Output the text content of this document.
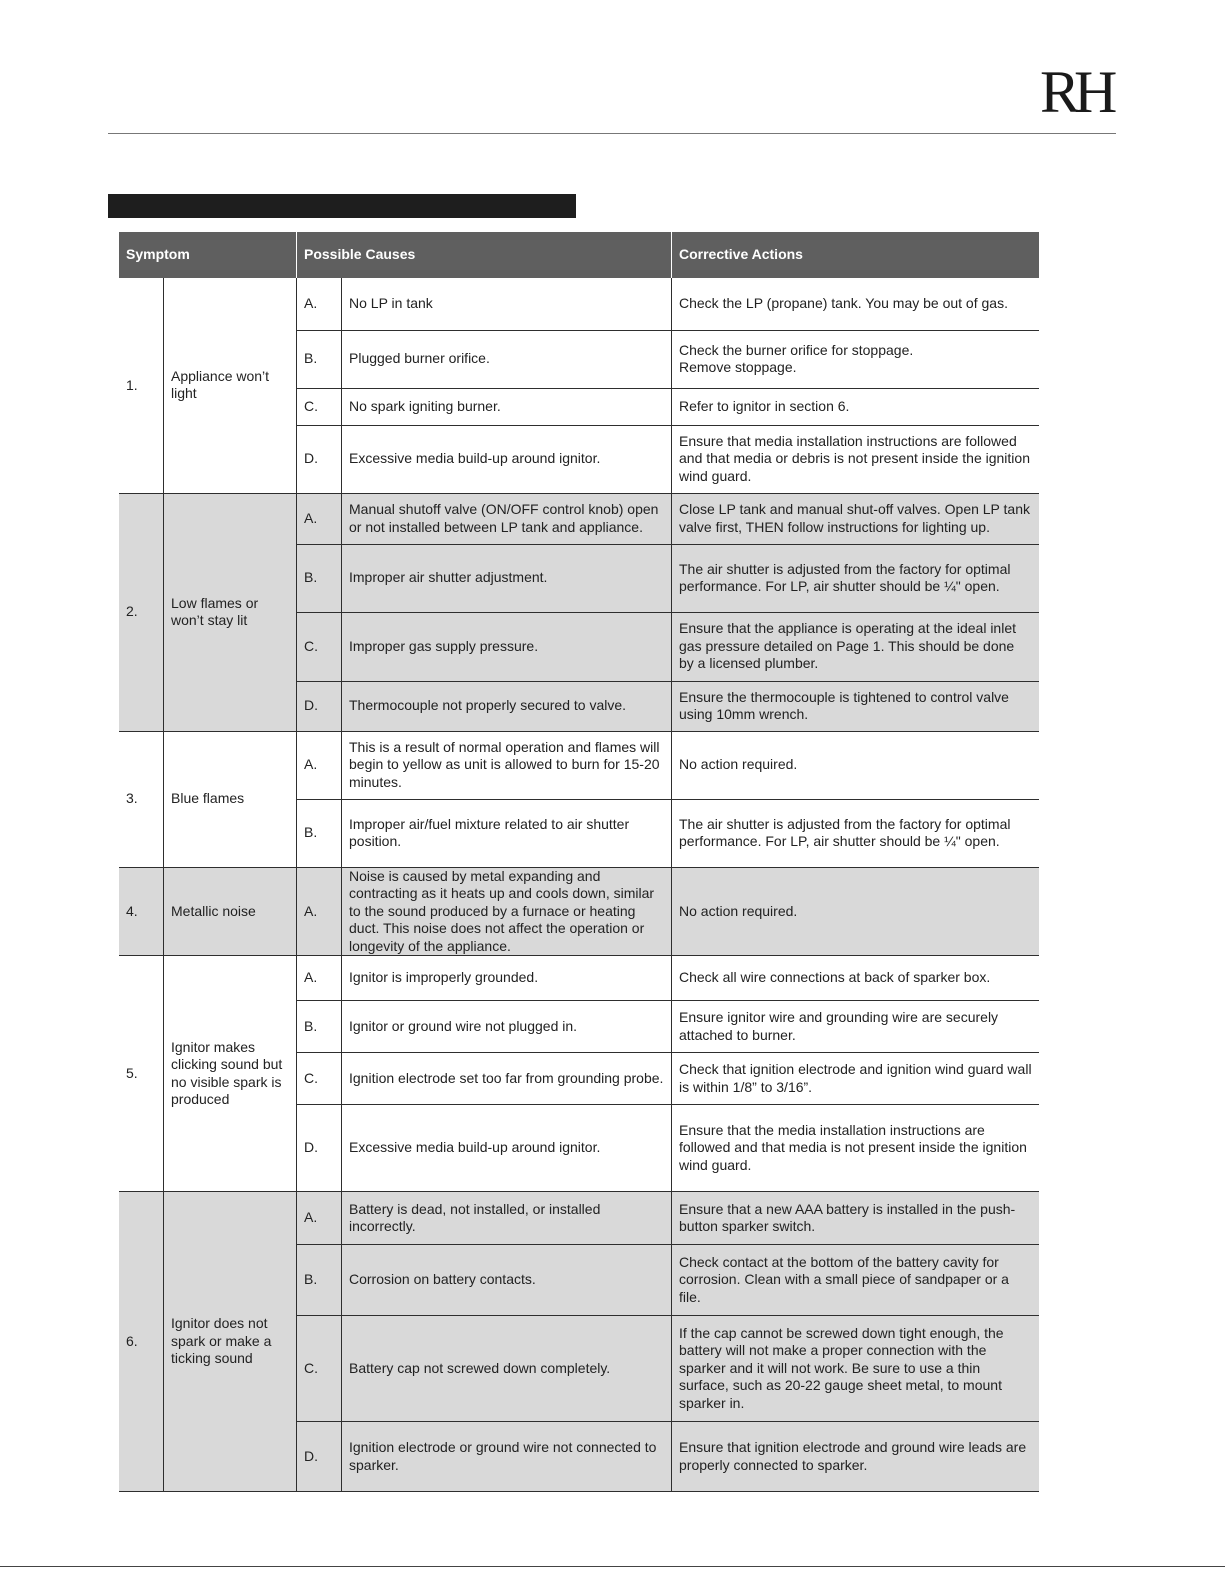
RH
Symptom		Possible Causes		Corrective Actions
1.	Appliance won’t light	A.	No LP in tank	Check the LP (propane) tank. You may be out of gas.
		B.	Plugged burner orifice.	Check the burner orifice for stoppage.
Remove stoppage.

		C.	No spark igniting burner.	Refer to ignitor in section 6.
		D.	Excessive media build-up around ignitor.	Ensure that media installation instructions are followed and that media or debris is not present inside the ignition wind guard.
2.	Low flames or won’t stay lit	A.	Manual shutoff valve (ON/OFF control knob) open or not installed between LP tank and appliance.	Close LP tank and manual shut-off valves. Open LP tank valve first, THEN follow instructions for lighting up.
		B.	Improper air shutter adjustment.	The air shutter is adjusted from the factory for optimal performance. For LP, air shutter should be ¼" open.
		C.	Improper gas supply pressure.	Ensure that the appliance is operating at the ideal inlet gas pressure detailed on Page 1. This should be done by a licensed plumber.
		D.	Thermocouple not properly secured to valve.	Ensure the thermocouple is tightened to control valve using 10mm wrench.
3.	Blue flames	A.	This is a result of normal operation and flames will begin to yellow as unit is allowed to burn for 15-20 minutes.	No action required.
		B.	Improper air/fuel mixture related to air shutter position.	The air shutter is adjusted from the factory for optimal performance. For LP, air shutter should be ¼" open.
4.	Metallic noise	A.	Noise is caused by metal expanding and contracting as it heats up and cools down, similar to the sound produced by a furnace or heating duct. This noise does not affect the operation or longevity of the appliance.	No action required.
5.	Ignitor makes clicking sound but no visible spark is produced	A.	Ignitor is improperly grounded.	Check all wire connections at back of sparker box.
		B.	Ignitor or ground wire not plugged in.	Ensure ignitor wire and grounding wire are securely attached to burner.
		C.	Ignition electrode set too far from grounding probe.	Check that ignition electrode and ignition wind guard wall is within 1/8” to 3/16”.
		D.	Excessive media build-up around ignitor.	Ensure that the media installation instructions are followed and that media is not present inside the ignition wind guard.
6.	Ignitor does not spark or make a ticking sound	A.	Battery is dead, not installed, or installed incorrectly.	Ensure that a new AAA battery is installed in the push-button sparker switch.
		B.	Corrosion on battery contacts.	Check contact at the bottom of the battery cavity for corrosion. Clean with a small piece of sandpaper or a file.
		C.	Battery cap not screwed down completely.	If the cap cannot be screwed down tight enough, the battery will not make a proper connection with the sparker and it will not work. Be sure to use a thin surface, such as 20-22 gauge sheet metal, to mount sparker in.
		D.	Ignition electrode or ground wire not connected to sparker.	Ensure that ignition electrode and ground wire leads are properly connected to sparker.
